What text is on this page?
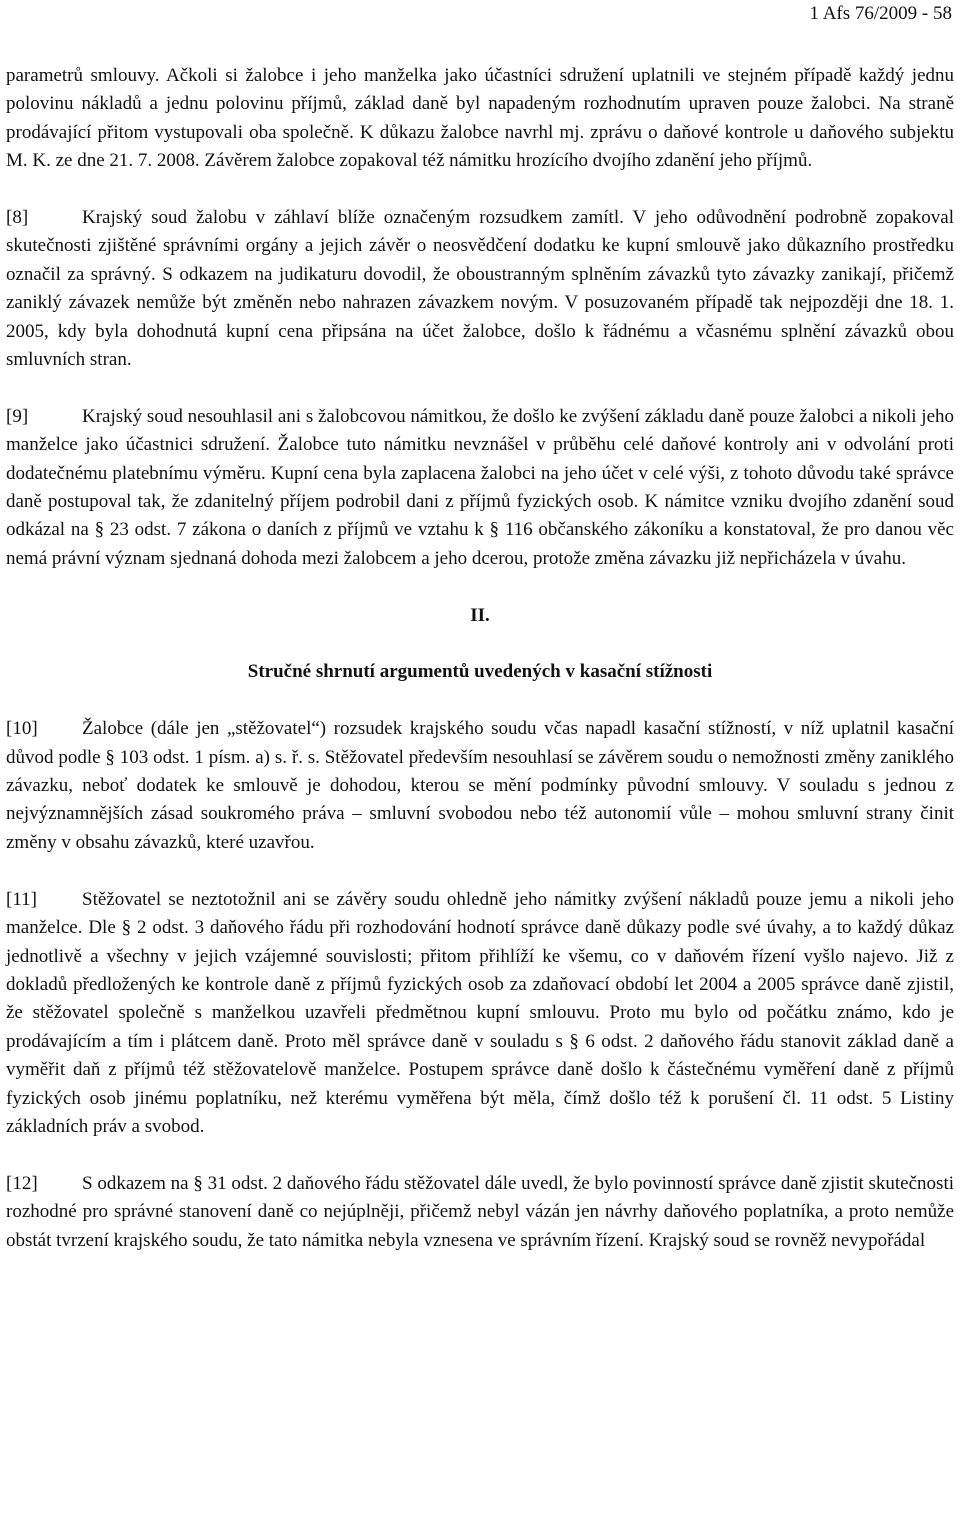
1 Afs 76/2009 - 58

parametrů smlouvy. Ačkoli si žalobce i jeho manželka jako účastníci sdružení uplatnili ve stejném případě každý jednu polovinu nákladů a jednu polovinu příjmů, základ daně byl napadeným rozhodnutím upraven pouze žalobci. Na straně prodávající přitom vystupovali oba společně. K důkazu žalobce navrhl mj. zprávu o daňové kontrole u daňového subjektu M. K. ze dne 21. 7. 2008. Závěrem žalobce zopakoval též námitku hrozícího dvojího zdanění jeho příjmů.

[8]	Krajský soud žalobu v záhlaví blíže označeným rozsudkem zamítl. V jeho odůvodnění podrobně zopakoval skutečnosti zjištěné správními orgány a jejich závěr o neosvědčení dodatku ke kupní smlouvě jako důkazního prostředku označil za správný. S odkazem na judikaturu dovodil, že oboustranným splněním závazků tyto závazky zanikají, přičemž zaniklý závazek nemůže být změněn nebo nahrazen závazkem novým. V posuzovaném případě tak nejpozději dne 18. 1. 2005, kdy byla dohodnutá kupní cena připsána na účet žalobce, došlo k řádnému a včasnému splnění závazků obou smluvních stran.

[9]	Krajský soud nesouhlasil ani s žalobcovou námitkou, že došlo ke zvýšení základu daně pouze žalobci a nikoli jeho manželce jako účastnici sdružení. Žalobce tuto námitku nevznášel v průběhu celé daňové kontroly ani v odvolání proti dodatečnému platebnímu výměru. Kupní cena byla zaplacena žalobci na jeho účet v celé výši, z tohoto důvodu také správce daně postupoval tak, že zdanitelný příjem podrobil dani z příjmů fyzických osob. K námitce vzniku dvojího zdanění soud odkázal na § 23 odst. 7 zákona o daních z příjmů ve vztahu k § 116 občanského zákoníku a konstatoval, že pro danou věc nemá právní význam sjednaná dohoda mezi žalobcem a jeho dcerou, protože změna závazku již nepřicházela v úvahu.

II.

Stručné shrnutí argumentů uvedených v kasační stížnosti

[10] Žalobce (dále jen „stěžovatel“) rozsudek krajského soudu včas napadl kasační stížností, v níž uplatnil kasační důvod podle § 103 odst. 1 písm. a) s. ř. s. Stěžovatel především nesouhlasí se závěrem soudu o nemožnosti změny zaniklého závazku, neboť dodatek ke smlouvě je dohodou, kterou se mění podmínky původní smlouvy. V souladu s jednou z nejvýznamnějších zásad soukromého práva – smluvní svobodou nebo též autonomií vůle – mohou smluvní strany činit změny v obsahu závazků, které uzavřou.

[11] Stěžovatel se neztotožnil ani se závěry soudu ohledně jeho námitky zvýšení nákladů pouze jemu a nikoli jeho manželce. Dle § 2 odst. 3 daňového řádu při rozhodování hodnotí správce daně důkazy podle své úvahy, a to každý důkaz jednotlivě a všechny v jejich vzájemné souvislosti; přitom přihlíží ke všemu, co v daňovém řízení vyšlo najevo. Již z dokladů předložených ke kontrole daně z příjmů fyzických osob za zdaňovací období let 2004 a 2005 správce daně zjistil, že stěžovatel společně s manželkou uzavřeli předmětnou kupní smlouvu. Proto mu bylo od počátku známo, kdo je prodávajícím a tím i plátcem daně. Proto měl správce daně v souladu s § 6 odst. 2 daňového řádu stanovit základ daně a vyměřit daň z příjmů též stěžovatelově manželce. Postupem správce daně došlo k částečnému vyměření daně z příjmů fyzických osob jinému poplatníku, než kterému vyměřena být měla, čímž došlo též k porušení čl. 11 odst. 5 Listiny základních práv a svobod.

[12] S odkazem na § 31 odst. 2 daňového řádu stěžovatel dále uvedl, že bylo povinností správce daně zjistit skutečnosti rozhodné pro správné stanovení daně co nejúplněji, přičemž nebyl vázán jen návrhy daňového poplatníka, a proto nemůže obstát tvrzení krajského soudu, že tato námitka nebyla vznesena ve správním řízení. Krajský soud se rovněž nevypořádal
